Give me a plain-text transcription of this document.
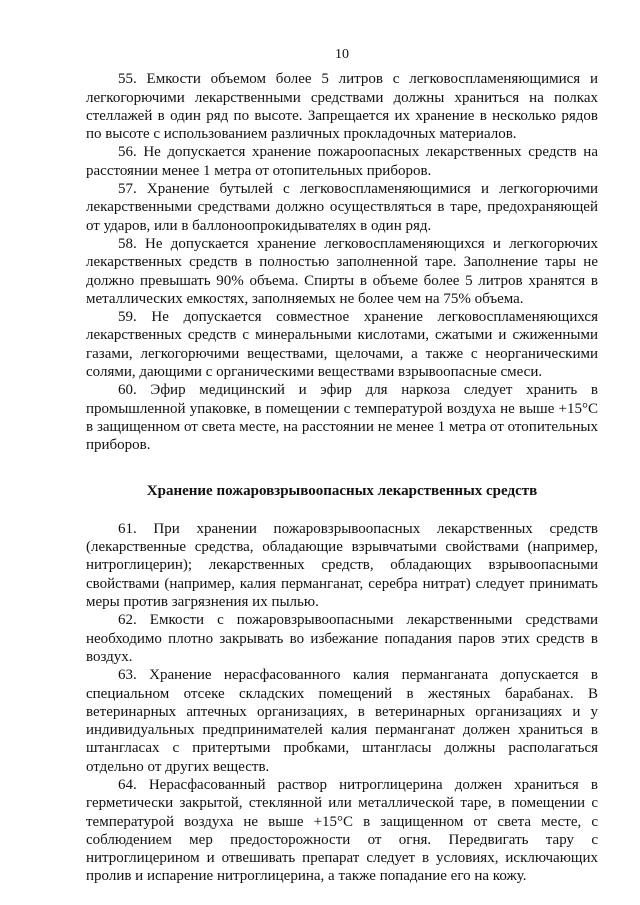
10

55. Емкости объемом более 5 литров с легковоспламеняющимися и легкогорючими лекарственными средствами должны храниться на полках стеллажей в один ряд по высоте. Запрещается их хранение в несколько рядов по высоте с использованием различных прокладочных материалов.

56. Не допускается хранение пожароопасных лекарственных средств на расстоянии менее 1 метра от отопительных приборов.

57. Хранение бутылей с легковоспламеняющимися и легкогорючими лекарственными средствами должно осуществляться в таре, предохраняющей от ударов, или в баллоноопрокидывателях в один ряд.

58. Не допускается хранение легковоспламеняющихся и легкогорючих лекарственных средств в полностью заполненной таре. Заполнение тары не должно превышать 90% объема. Спирты в объеме более 5 литров хранятся в металлических емкостях, заполняемых не более чем на 75% объема.

59. Не допускается совместное хранение легковоспламеняющихся лекарственных средств с минеральными кислотами, сжатыми и сжиженными газами, легкогорючими веществами, щелочами, а также с неорганическими солями, дающими с органическими веществами взрывоопасные смеси.

60. Эфир медицинский и эфир для наркоза следует хранить в промышленной упаковке, в помещении с температурой воздуха не выше +15°С в защищенном от света месте, на расстоянии не менее 1 метра от отопительных приборов.

Хранение пожаровзрывоопасных лекарственных средств

61. При хранении пожаровзрывоопасных лекарственных средств (лекарственные средства, обладающие взрывчатыми свойствами (например, нитроглицерин); лекарственных средств, обладающих взрывоопасными свойствами (например, калия перманганат, серебра нитрат) следует принимать меры против загрязнения их пылью.

62. Емкости с пожаровзрывоопасными лекарственными средствами необходимо плотно закрывать во избежание попадания паров этих средств в воздух.

63. Хранение нерасфасованного калия перманганата допускается в специальном отсеке складских помещений в жестяных барабанах. В ветеринарных аптечных организациях, в ветеринарных организациях и у индивидуальных предпринимателей калия перманганат должен храниться в штангласах с притертыми пробками, штангласы должны располагаться отдельно от других веществ.

64. Нерасфасованный раствор нитроглицерина должен храниться в герметически закрытой, стеклянной или металлической таре, в помещении с температурой воздуха не выше +15°С в защищенном от света месте, с соблюдением мер предосторожности от огня. Передвигать тару с нитроглицерином и отвешивать препарат следует в условиях, исключающих пролив и испарение нитроглицерина, а также попадание его на кожу.
